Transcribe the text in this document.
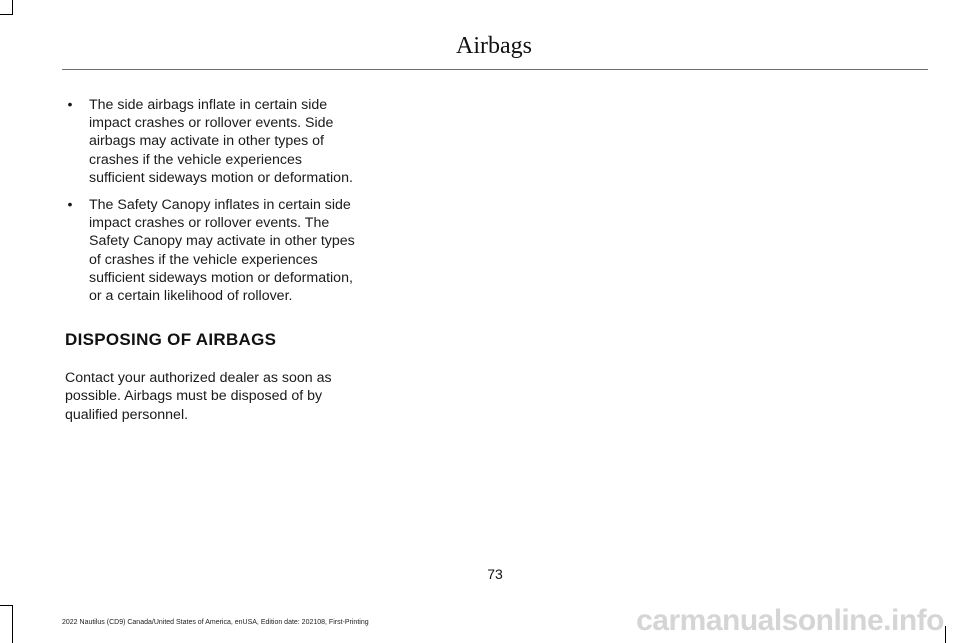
Airbags
• The side airbags inflate in certain side impact crashes or rollover events. Side airbags may activate in other types of crashes if the vehicle experiences sufficient sideways motion or deformation.
• The Safety Canopy inflates in certain side impact crashes or rollover events. The Safety Canopy may activate in other types of crashes if the vehicle experiences sufficient sideways motion or deformation, or a certain likelihood of rollover.
DISPOSING OF AIRBAGS

Contact your authorized dealer as soon as possible. Airbags must be disposed of by qualified personnel.

73
2022 Nautilus (CD9) Canada/United States of America, enUSA, Edition date: 202108, First-Printing	carmanualsonline.info
